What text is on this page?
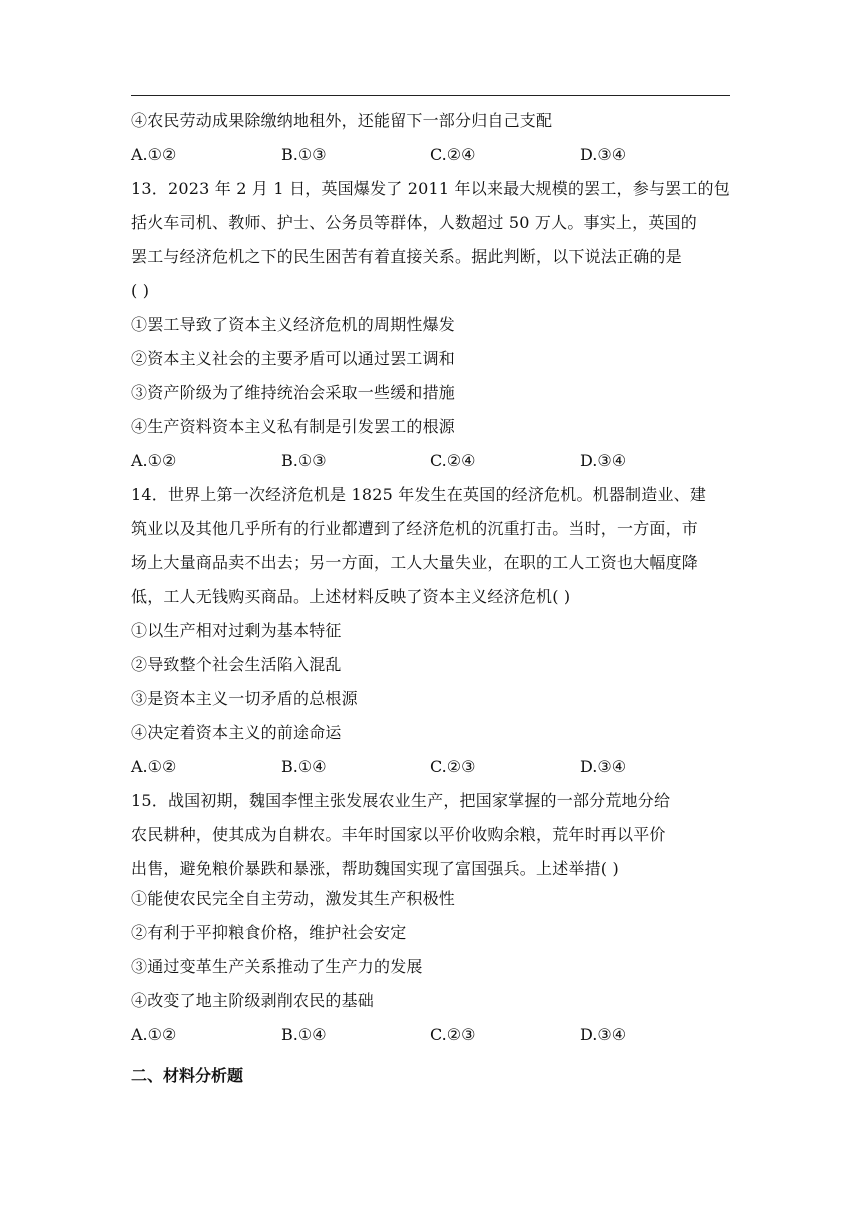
④农民劳动成果除缴纳地租外，还能留下一部分归自己支配
A.①②	B.①③	C.②④	D.③④
13．2023 年 2 月 1 日，英国爆发了 2011 年以来最大规模的罢工，参与罢工的包
括火车司机、教师、护士、公务员等群体，人数超过 50 万人。事实上，英国的
罢工与经济危机之下的民生困苦有着直接关系。据此判断，以下说法正确的是
( )
①罢工导致了资本主义经济危机的周期性爆发
②资本主义社会的主要矛盾可以通过罢工调和
③资产阶级为了维持统治会采取一些缓和措施
④生产资料资本主义私有制是引发罢工的根源
A.①②	B.①③	C.②④	D.③④
14．世界上第一次经济危机是 1825 年发生在英国的经济危机。机器制造业、建
筑业以及其他几乎所有的行业都遭到了经济危机的沉重打击。当时，一方面，市
场上大量商品卖不出去；另一方面，工人大量失业，在职的工人工资也大幅度降
低，工人无钱购买商品。上述材料反映了资本主义经济危机( )
①以生产相对过剩为基本特征
②导致整个社会生活陷入混乱
③是资本主义一切矛盾的总根源
④决定着资本主义的前途命运
A.①②	B.①④	C.②③	D.③④
15．战国初期，魏国李悝主张发展农业生产，把国家掌握的一部分荒地分给
农民耕种，使其成为自耕农。丰年时国家以平价收购余粮，荒年时再以平价
出售，避免粮价暴跌和暴涨，帮助魏国实现了富国强兵。上述举措( )
①能使农民完全自主劳动，激发其生产积极性
②有利于平抑粮食价格，维护社会安定
③通过变革生产关系推动了生产力的发展
④改变了地主阶级剥削农民的基础
A.①②	B.①④	C.②③	D.③④
二、材料分析题
